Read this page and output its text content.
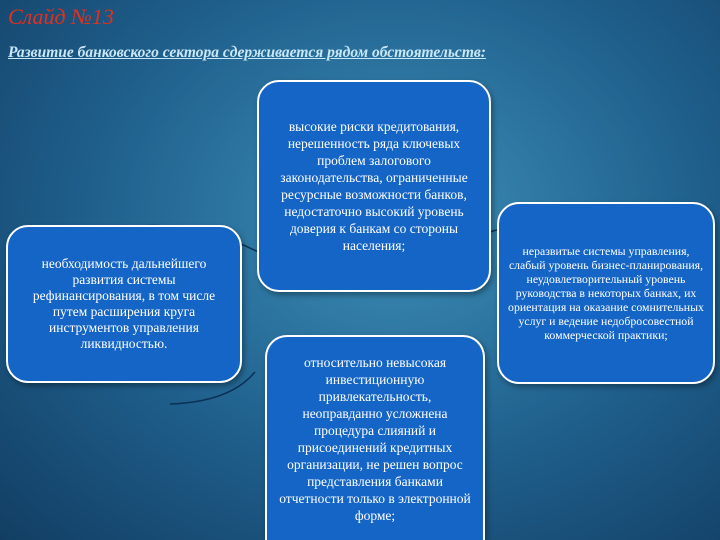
Слайд №13
Развитие банковского сектора сдерживается рядом обстоятельств:
высокие риски кредитования, нерешенность ряда ключевых проблем залогового законодательства, ограниченные ресурсные возможности банков, недостаточно высокий уровень доверия к банкам со стороны населения;
необходимость дальнейшего развития системы рефинансирования, в том числе путем расширения круга инструментов управления ликвидностью.
относительно невысокая инвестиционную привлекательность, неоправданно усложнена процедура слияний и присоединений кредитных организации, не решен вопрос представления банками отчетности только в электронной форме;
неразвитые системы управления, слабый уровень бизнес-планирования, неудовлетворительный уровень руководства в некоторых банках, их ориентация на оказание сомнительных услуг и ведение недобросовестной коммерческой практики;
